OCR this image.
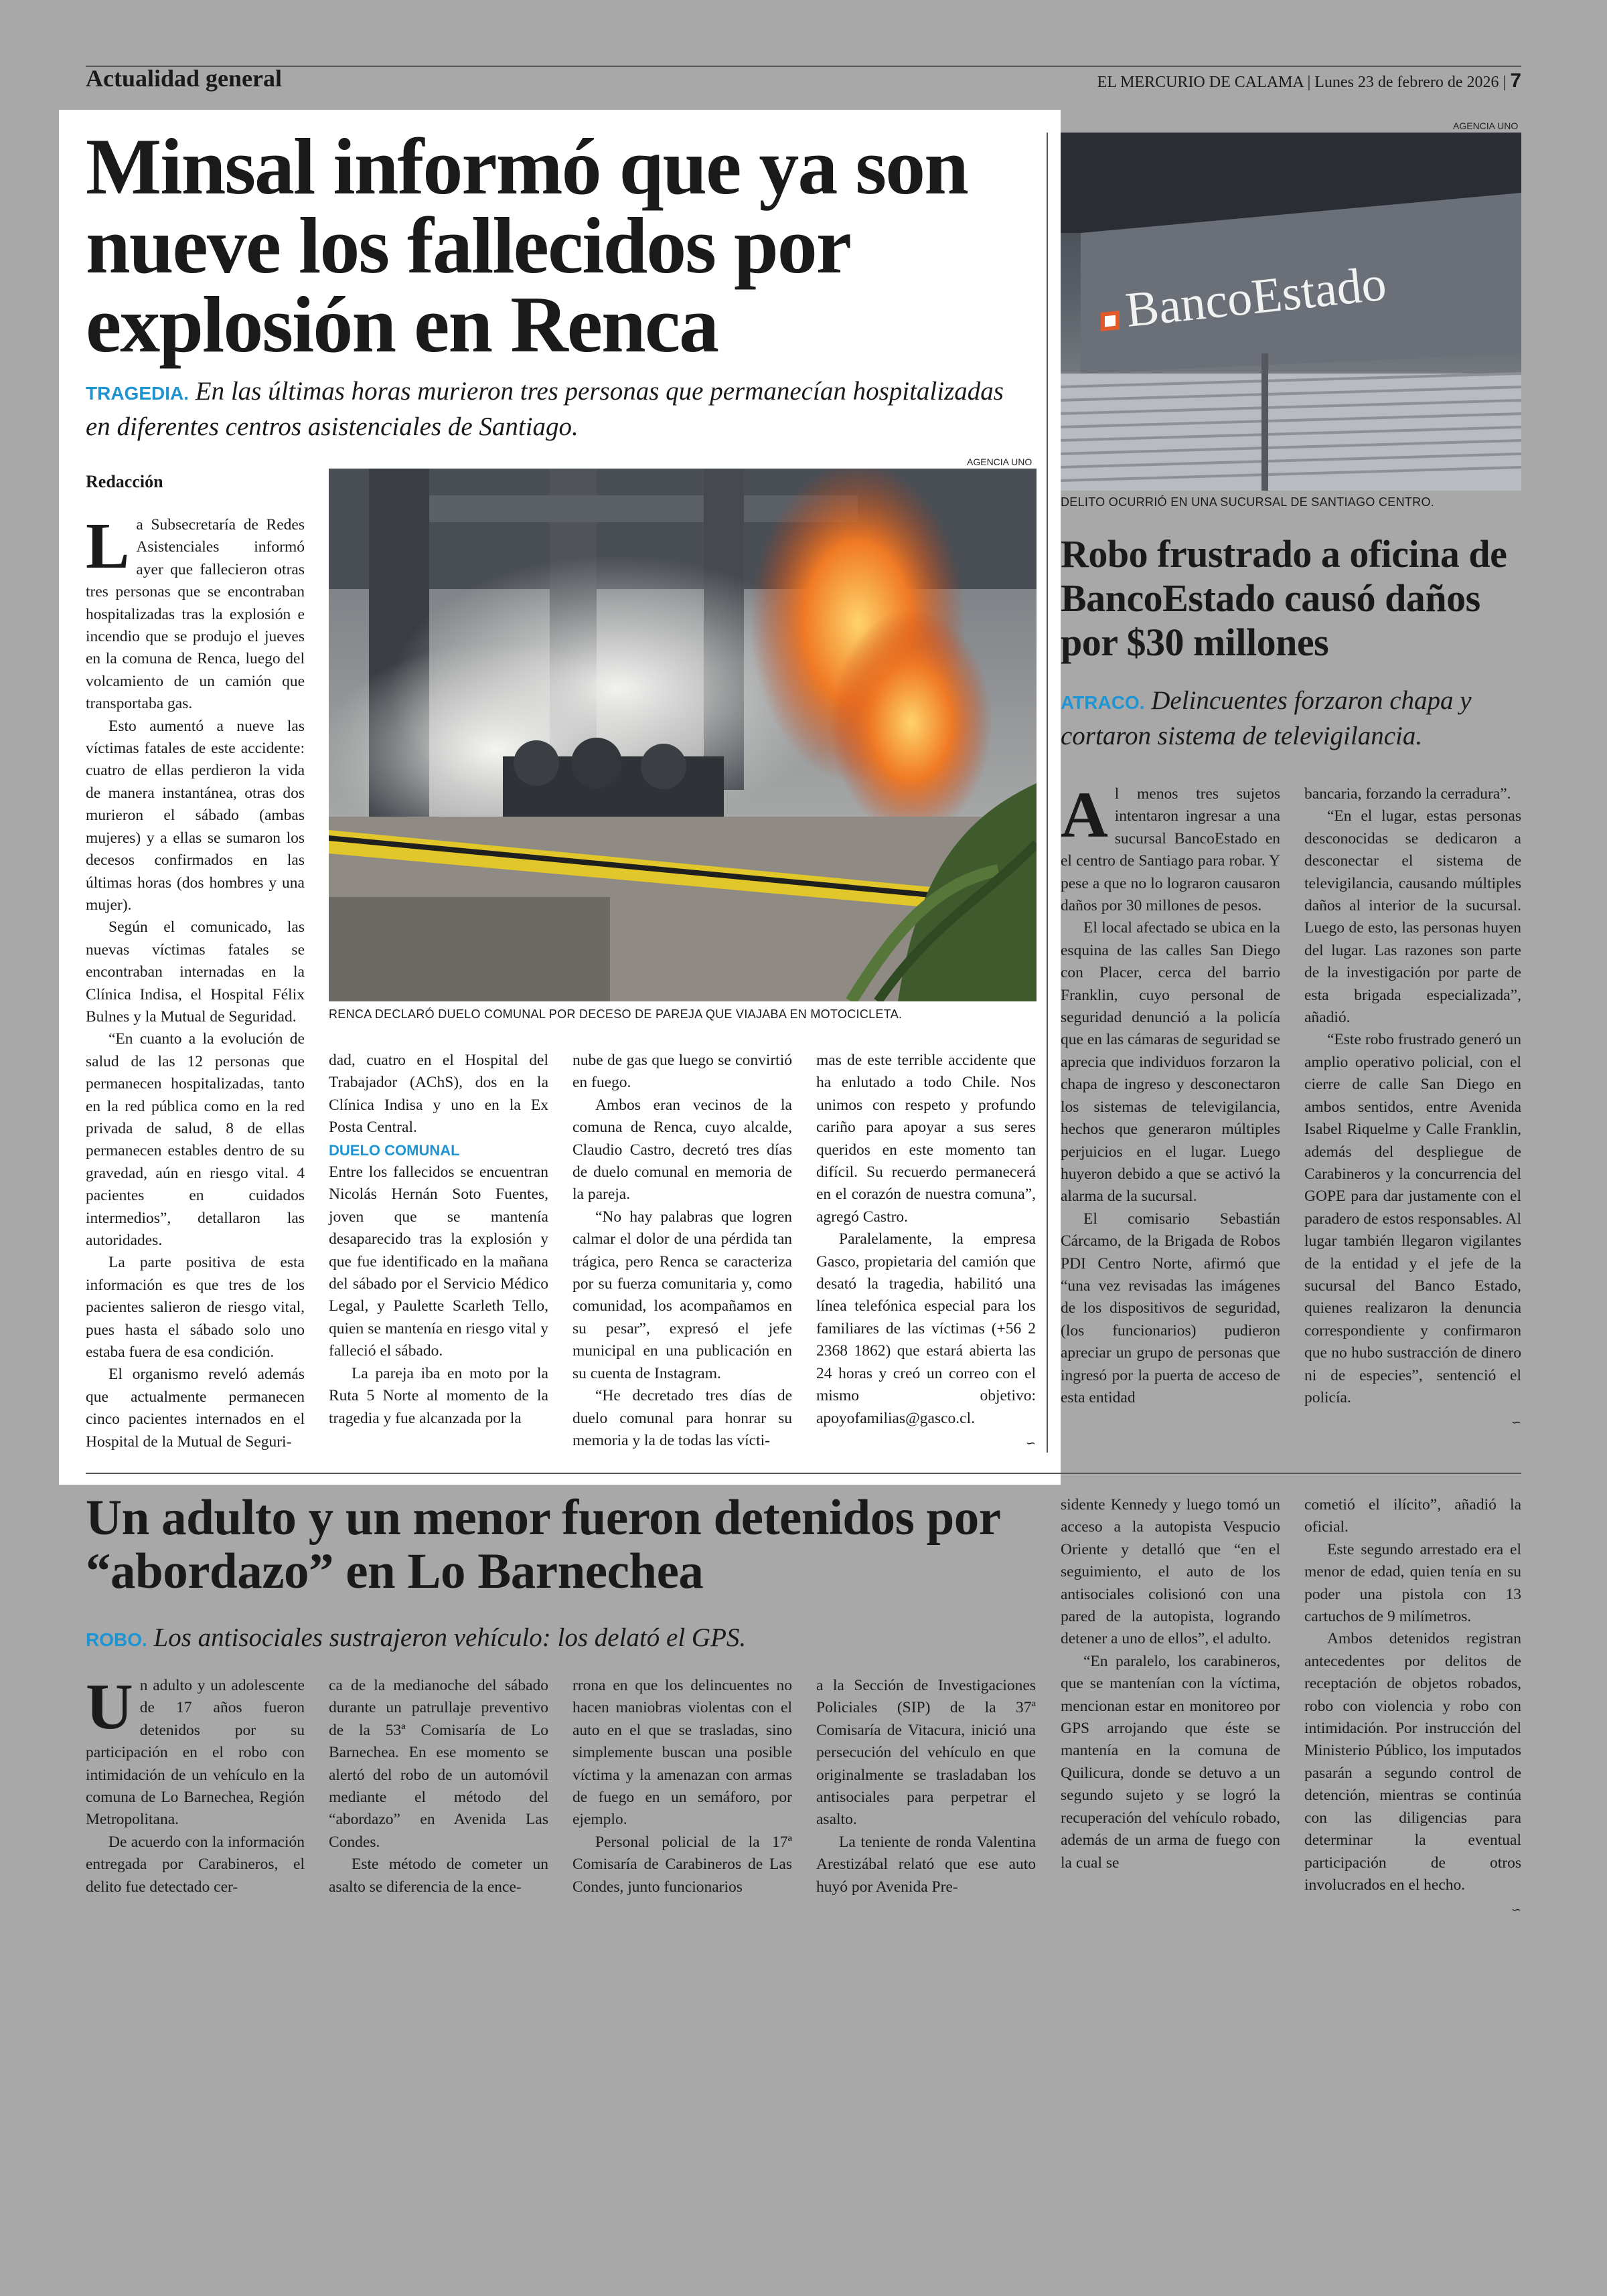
Actualidad general	EL MERCURIO DE CALAMA | Lunes 23 de febrero de 2026 | 7
Minsal informó que ya son nueve los fallecidos por explosión en Renca
TRAGEDIA. En las últimas horas murieron tres personas que permanecían hospitalizadas en diferentes centros asistenciales de Santiago.
Redacción
AGENCIA UNO
RENCA DECLARÓ DUELO COMUNAL POR DECESO DE PAREJA QUE VIAJABA EN MOTOCICLETA.

La Subsecretaría de Redes Asistenciales informó ayer que fallecieron otras tres personas que se encontraban hospitalizadas tras la explosión e incendio que se produjo el jueves en la comuna de Renca, luego del volcamiento de un camión que transportaba gas.

Esto aumentó a nueve las víctimas fatales de este accidente: cuatro de ellas perdieron la vida de manera instantánea, otras dos murieron el sábado (ambas mujeres) y a ellas se sumaron los decesos confirmados en las últimas horas (dos hombres y una mujer).

Según el comunicado, las nuevas víctimas fatales se encontraban internadas en la Clínica Indisa, el Hospital Félix Bulnes y la Mutual de Seguridad.

“En cuanto a la evolución de salud de las 12 personas que permanecen hospitalizadas, tanto en la red pública como en la red privada de salud, 8 de ellas permanecen estables dentro de su gravedad, aún en riesgo vital. 4 pacientes en cuidados intermedios”, detallaron las autoridades.

La parte positiva de esta información es que tres de los pacientes salieron de riesgo vital, pues hasta el sábado solo uno estaba fuera de esa condición.

El organismo reveló además que actualmente permanecen cinco pacientes internados en el Hospital de la Mutual de Seguri-

dad, cuatro en el Hospital del Trabajador (AChS), dos en la Clínica Indisa y uno en la Ex Posta Central.

DUELO COMUNAL

Entre los fallecidos se encuentran Nicolás Hernán Soto Fuentes, joven que se mantenía desaparecido tras la explosión y que fue identificado en la mañana del sábado por el Servicio Médico Legal, y Paulette Scarleth Tello, quien se mantenía en riesgo vital y falleció el sábado.

La pareja iba en moto por la Ruta 5 Norte al momento de la tragedia y fue alcanzada por la

nube de gas que luego se convirtió en fuego.

Ambos eran vecinos de la comuna de Renca, cuyo alcalde, Claudio Castro, decretó tres días de duelo comunal en memoria de la pareja.

“No hay palabras que logren calmar el dolor de una pérdida tan trágica, pero Renca se caracteriza por su fuerza comunitaria y, como comunidad, los acompañamos en su pesar”, expresó el jefe municipal en una publicación en su cuenta de Instagram.

“He decretado tres días de duelo comunal para honrar su memoria y la de todas las vícti-

mas de este terrible accidente que ha enlutado a todo Chile. Nos unimos con respeto y profundo cariño para apoyar a sus seres queridos en este momento tan difícil. Su recuerdo permanecerá en el corazón de nuestra comuna”, agregó Castro.

Paralelamente, la empresa Gasco, propietaria del camión que desató la tragedia, habilitó una línea telefónica especial para los familiares de las víctimas (+56 2 2368 1862) que estará abierta las 24 horas y creó un correo con el mismo objetivo: apoyofamilias@gasco.cl.

∽
AGENCIA UNO
BancoEstado
DELITO OCURRIÓ EN UNA SUCURSAL DE SANTIAGO CENTRO.
Robo frustrado a oficina de BancoEstado causó daños por $30 millones
ATRACO. Delincuentes forzaron chapa y cortaron sistema de televigilancia.

Al menos tres sujetos intentaron ingresar a una sucursal BancoEstado en el centro de Santiago para robar. Y pese a que no lo lograron causaron daños por 30 millones de pesos.

El local afectado se ubica en la esquina de las calles San Diego con Placer, cerca del barrio Franklin, cuyo personal de seguridad denunció a la policía que en las cámaras de seguridad se aprecia que individuos forzaron la chapa de ingreso y desconectaron los sistemas de televigilancia, hechos que generaron múltiples perjuicios en el lugar. Luego huyeron debido a que se activó la alarma de la sucursal.

El comisario Sebastián Cárcamo, de la Brigada de Robos PDI Centro Norte, afirmó que “una vez revisadas las imágenes de los dispositivos de seguridad, (los funcionarios) pudieron apreciar un grupo de personas que ingresó por la puerta de acceso de esta entidad

bancaria, forzando la cerradura”.

“En el lugar, estas personas desconocidas se dedicaron a desconectar el sistema de televigilancia, causando múltiples daños al interior de la sucursal. Luego de esto, las personas huyen del lugar. Las razones son parte de la investigación por parte de esta brigada especializada”, añadió.

“Este robo frustrado generó un amplio operativo policial, con el cierre de calle San Diego en ambos sentidos, entre Avenida Isabel Riquelme y Calle Franklin, además del despliegue de Carabineros y la concurrencia del GOPE para dar justamente con el paradero de estos responsables. Al lugar también llegaron vigilantes de la entidad y el jefe de la sucursal del Banco Estado, quienes realizaron la denuncia correspondiente y confirmaron que no hubo sustracción de dinero ni de especies”, sentenció el policía.

∽
Un adulto y un menor fueron detenidos por “abordazo” en Lo Barnechea
ROBO. Los antisociales sustrajeron vehículo: los delató el GPS.

Un adulto y un adolescente de 17 años fueron detenidos por su participación en el robo con intimidación de un vehículo en la comuna de Lo Barnechea, Región Metropolitana.

De acuerdo con la información entregada por Carabineros, el delito fue detectado cer-

ca de la medianoche del sábado durante un patrullaje preventivo de la 53ª Comisaría de Lo Barnechea. En ese momento se alertó del robo de un automóvil mediante el método del “abordazo” en Avenida Las Condes.

Este método de cometer un asalto se diferencia de la ence-

rrona en que los delincuentes no hacen maniobras violentas con el auto en el que se trasladas, sino simplemente buscan una posible víctima y la amenazan con armas de fuego en un semáforo, por ejemplo.

Personal policial de la 17ª Comisaría de Carabineros de Las Condes, junto funcionarios

a la Sección de Investigaciones Policiales (SIP) de la 37ª Comisaría de Vitacura, inició una persecución del vehículo en que originalmente se trasladaban los antisociales para perpetrar el asalto.

La teniente de ronda Valentina Arestizábal relató que ese auto huyó por Avenida Pre-

sidente Kennedy y luego tomó un acceso a la autopista Vespucio Oriente y detalló que “en el seguimiento, el auto de los antisociales colisionó con una pared de la autopista, logrando detener a uno de ellos”, el adulto.

“En paralelo, los carabineros, que se mantenían con la víctima, mencionan estar en monitoreo por GPS arrojando que éste se mantenía en la comuna de Quilicura, donde se detuvo a un segundo sujeto y se logró la recuperación del vehículo robado, además de un arma de fuego con la cual se

cometió el ilícito”, añadió la oficial.

Este segundo arrestado era el menor de edad, quien tenía en su poder una pistola con 13 cartuchos de 9 milímetros.

Ambos detenidos registran antecedentes por delitos de receptación de objetos robados, robo con violencia y robo con intimidación. Por instrucción del Ministerio Público, los imputados pasarán a segundo control de detención, mientras se continúa con las diligencias para determinar la eventual participación de otros involucrados en el hecho.

∽
